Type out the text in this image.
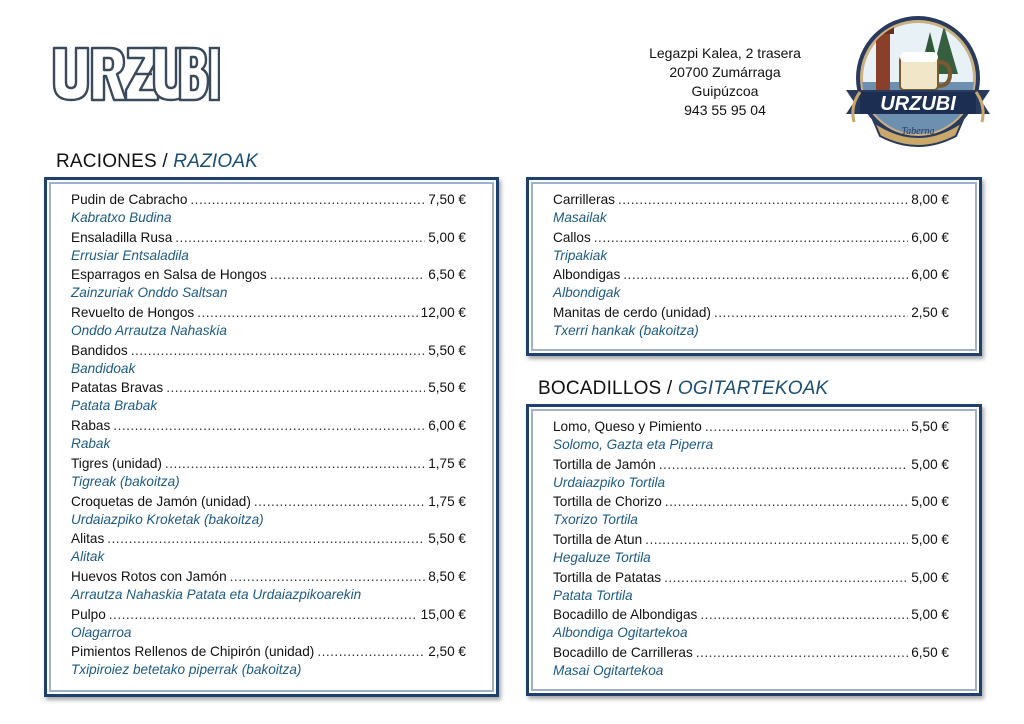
Legazpi Kalea, 2 trasera
20700 Zumárraga
Guipúzcoa
943 55 95 04	URZUBI
Taberna
RACIONES / RAZIOAK
Pudin de Cabracho .....	7,50 €
Kabratxo Budina
Ensaladilla Rusa .....	5,00 €
Errusiar Entsaladila
Esparragos en Salsa de Hongos .....	6,50 €
Zainzuriak Onddo Saltsan
Revuelto de Hongos .....	12,00 €
Onddo Arrautza Nahaskia
Bandidos .....	5,50 €
Bandidoak
Patatas Bravas .....	5,50 €
Patata Brabak
Rabas .....	6,00 €
Rabak
Tigres (unidad) .....	1,75 €
Tigreak (bakoitza)
Croquetas de Jamón (unidad) .....	1,75 €
Urdaiazpiko Kroketak (bakoitza)
Alitas .....	5,50 €
Alitak
Huevos Rotos con Jamón .....	8,50 €
Arrautza Nahaskia Patata eta Urdaiazpikoarekin
Pulpo .....	15,00 €
Olagarroa
Pimientos Rellenos de Chipirón (unidad) .....	2,50 €
Txipiroiez betetako piperrak (bakoitza)
Carrilleras .....	8,00 €
Masailak
Callos .....	6,00 €
Tripakiak
Albondigas .....	6,00 €
Albondigak
Manitas de cerdo (unidad) .....	2,50 €
Txerri hankak (bakoitza)
BOCADILLOS / OGITARTEKOAK
Lomo, Queso y Pimiento .....	5,50 €
Solomo, Gazta eta Piperra
Tortilla de Jamón .....	5,00 €
Urdaiazpiko Tortila
Tortilla de Chorizo .....	5,00 €
Txorizo Tortila
Tortilla de Atun .....	5,00 €
Hegaluze Tortila
Tortilla de Patatas .....	5,00 €
Patata Tortila
Bocadillo de Albondigas .....	5,00 €
Albondiga Ogitartekoa
Bocadillo de Carrilleras .....	6,50 €
Masai Ogitartekoa
